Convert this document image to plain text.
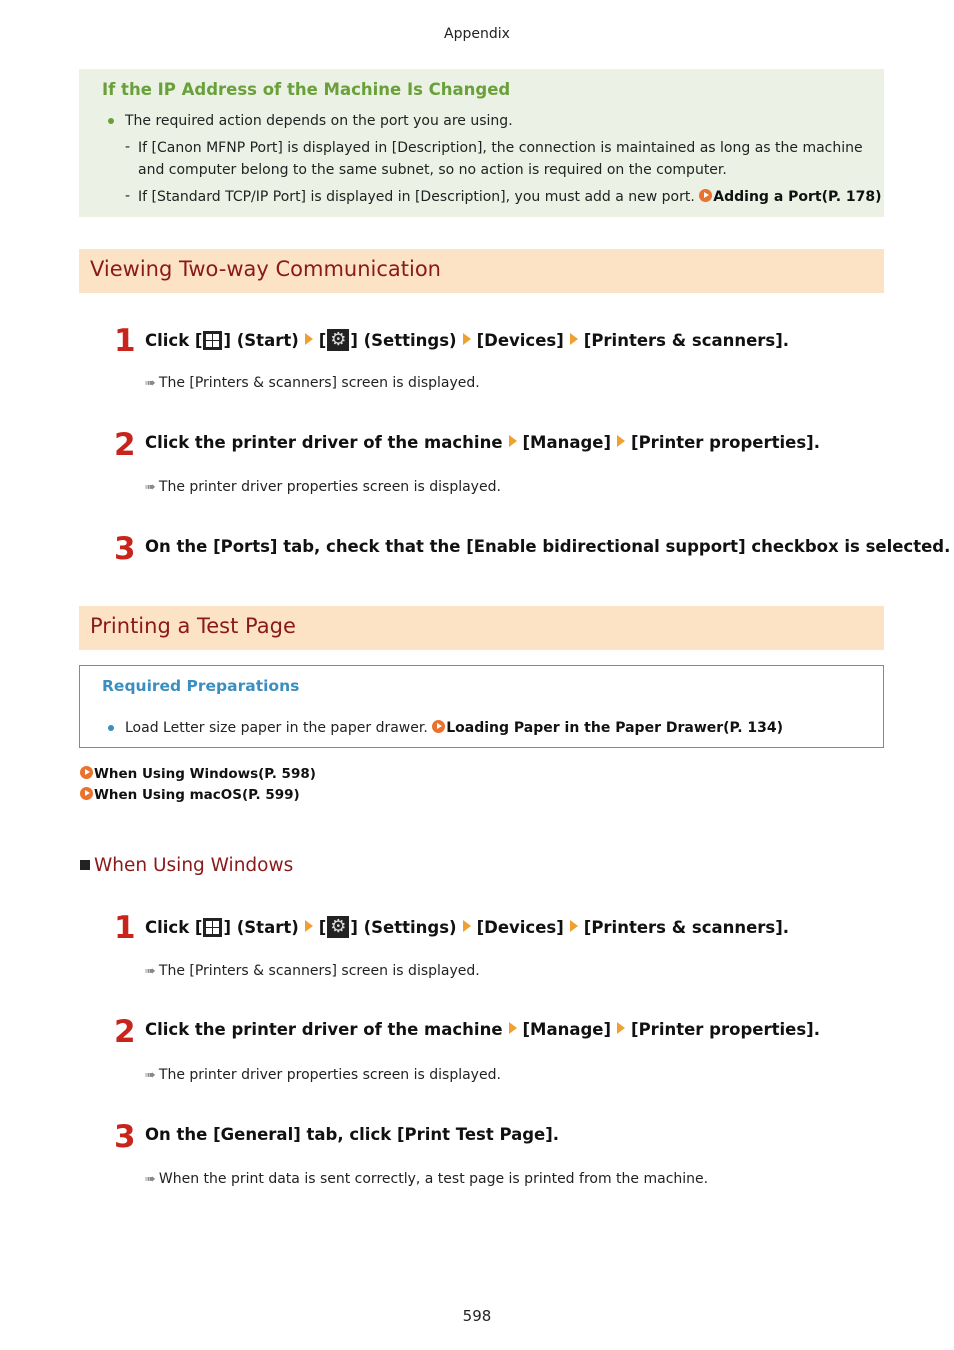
Appendix
If the IP Address of the Machine Is Changed
The required action depends on the port you are using.
- If [Canon MFNP Port] is displayed in [Description], the connection is maintained as long as the machine
and computer belong to the same subnet, so no action is required on the computer.
- If [Standard TCP/IP Port] is displayed in [Description], you must add a new port. Adding a Port(P. 178)
Viewing Two-way Communication
1 Click [ ] (Start) [ ⚙ ] (Settings) [Devices] [Printers & scanners].
➠ The [Printers & scanners] screen is displayed.
2 Click the printer driver of the machine [Manage] [Printer properties].
➠ The printer driver properties screen is displayed.
3 On the [Ports] tab, check that the [Enable bidirectional support] checkbox is selected.
Printing a Test Page
Required Preparations
Load Letter size paper in the paper drawer. Loading Paper in the Paper Drawer(P. 134)
When Using Windows(P. 598)
When Using macOS(P. 599)
When Using Windows
1 Click [ ] (Start) [ ⚙ ] (Settings) [Devices] [Printers & scanners].
➠ The [Printers & scanners] screen is displayed.
2 Click the printer driver of the machine [Manage] [Printer properties].
➠ The printer driver properties screen is displayed.
3 On the [General] tab, click [Print Test Page].
➠ When the print data is sent correctly, a test page is printed from the machine.
598
